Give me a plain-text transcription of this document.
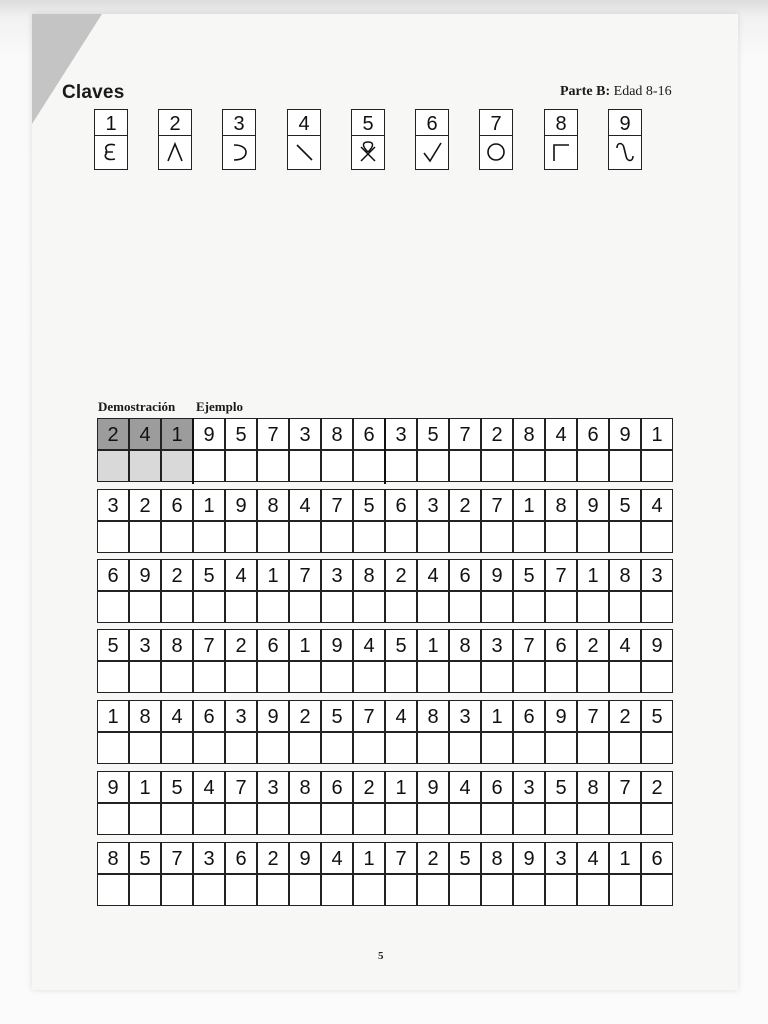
Claves	Parte B: Edad 8-16
1	2	3	4	5	6	7	8	9
Demostración Ejemplo
2	4	1	9	5	7	3	8	6	3	5	7	2	8	4	6	9	1
3	2	6	1	9	8	4	7	5	6	3	2	7	1	8	9	5	4
6	9	2	5	4	1	7	3	8	2	4	6	9	5	7	1	8	3
5	3	8	7	2	6	1	9	4	5	1	8	3	7	6	2	4	9
1	8	4	6	3	9	2	5	7	4	8	3	1	6	9	7	2	5
9	1	5	4	7	3	8	6	2	1	9	4	6	3	5	8	7	2
8	5	7	3	6	2	9	4	1	7	2	5	8	9	3	4	1	6
5
